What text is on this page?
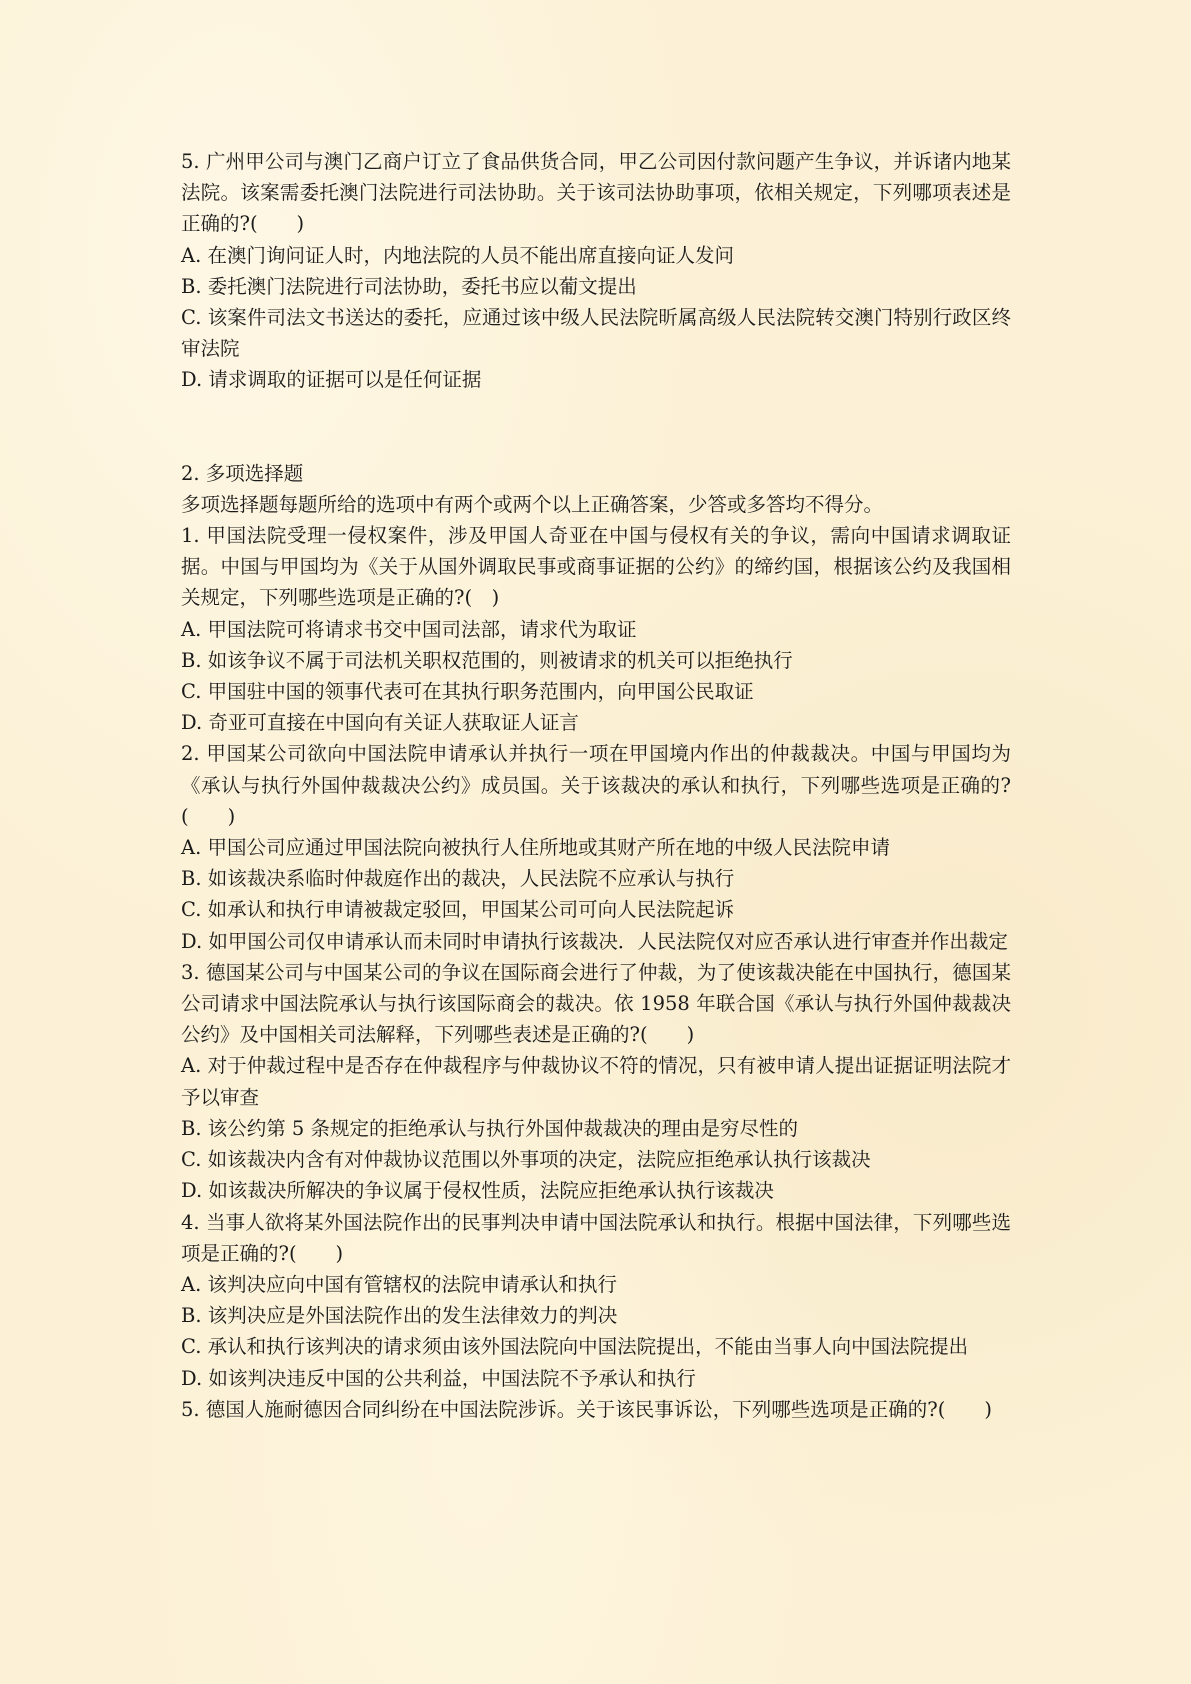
5. 广州甲公司与澳门乙商户订立了食品供货合同，甲乙公司因付款问题产生争议，并诉诸内地某法院。该案需委托澳门法院进行司法协助。关于该司法协助事项，依相关规定，下列哪项表述是正确的?(　　)
A. 在澳门询问证人时，内地法院的人员不能出席直接向证人发问
B. 委托澳门法院进行司法协助，委托书应以葡文提出
C. 该案件司法文书送达的委托，应通过该中级人民法院昕属高级人民法院转交澳门特别行政区终审法院
D. 请求调取的证据可以是任何证据
2. 多项选择题
多项选择题每题所给的选项中有两个或两个以上正确答案，少答或多答均不得分。
1. 甲国法院受理一侵权案件，涉及甲国人奇亚在中国与侵权有关的争议，需向中国请求调取证据。中国与甲国均为《关于从国外调取民事或商事证据的公约》的缔约国，根据该公约及我国相关规定，下列哪些选项是正确的?(　)
A. 甲国法院可将请求书交中国司法部，请求代为取证
B. 如该争议不属于司法机关职权范围的，则被请求的机关可以拒绝执行
C. 甲国驻中国的领事代表可在其执行职务范围内，向甲国公民取证
D. 奇亚可直接在中国向有关证人获取证人证言
2. 甲国某公司欲向中国法院申请承认并执行一项在甲国境内作出的仲裁裁决。中国与甲国均为《承认与执行外国仲裁裁决公约》成员国。关于该裁决的承认和执行，下列哪些选项是正确的?(　　)
A. 甲国公司应通过甲国法院向被执行人住所地或其财产所在地的中级人民法院申请
B. 如该裁决系临时仲裁庭作出的裁决，人民法院不应承认与执行
C. 如承认和执行申请被裁定驳回，甲国某公司可向人民法院起诉
D. 如甲国公司仅申请承认而未同时申请执行该裁决．人民法院仅对应否承认进行审查并作出裁定
3. 德国某公司与中国某公司的争议在国际商会进行了仲裁，为了使该裁决能在中国执行，德国某公司请求中国法院承认与执行该国际商会的裁决。依 1958 年联合国《承认与执行外国仲裁裁决公约》及中国相关司法解释，下列哪些表述是正确的?(　　)
A. 对于仲裁过程中是否存在仲裁程序与仲裁协议不符的情况，只有被申请人提出证据证明法院才予以审查
B. 该公约第 5 条规定的拒绝承认与执行外国仲裁裁决的理由是穷尽性的
C. 如该裁决内含有对仲裁协议范围以外事项的决定，法院应拒绝承认执行该裁决
D. 如该裁决所解决的争议属于侵权性质，法院应拒绝承认执行该裁决
4. 当事人欲将某外国法院作出的民事判决申请中国法院承认和执行。根据中国法律，下列哪些选项是正确的?(　　)
A. 该判决应向中国有管辖权的法院申请承认和执行
B. 该判决应是外国法院作出的发生法律效力的判决
C. 承认和执行该判决的请求须由该外国法院向中国法院提出，不能由当事人向中国法院提出
D. 如该判决违反中国的公共利益，中国法院不予承认和执行
5. 德国人施耐德因合同纠纷在中国法院涉诉。关于该民事诉讼，下列哪些选项是正确的?(　　)
